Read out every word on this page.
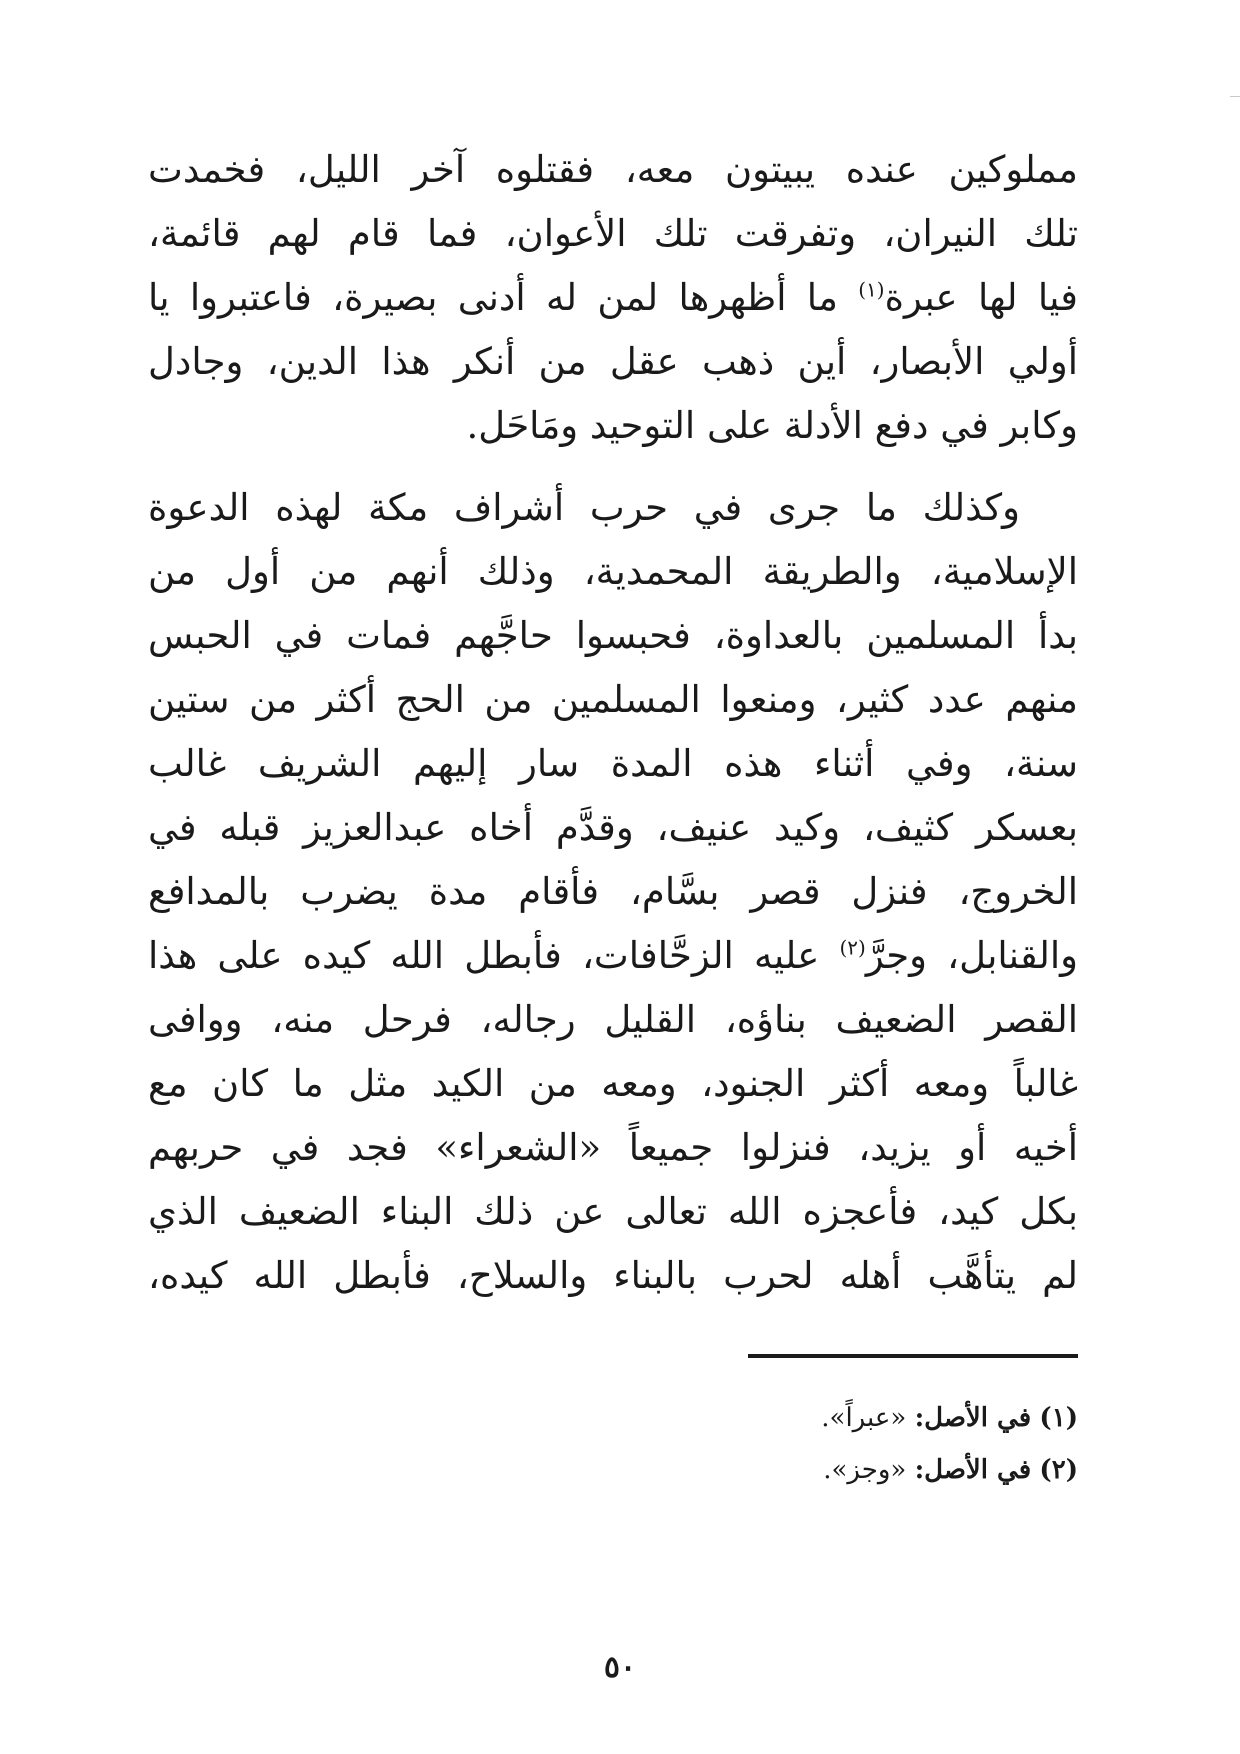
مملوكين عنده يبيتون معه، فقتلوه آخر الليل، فخمدت
تلك النيران، وتفرقت تلك الأعوان، فما قام لهم قائمة،
فيا لها عبرة$^{(١)}$ ما أظهرها لمن له أدنى بصيرة، فاعتبروا يا
أولي الأبصار، أين ذهب عقل من أنكر هذا الدين، وجادل
وكابر في دفع الأدلة على التوحيد ومَاحَل.
وكذلك ما جرى في حرب أشراف مكة لهذه الدعوة
الإسلامية، والطريقة المحمدية، وذلك أنهم من أول من
بدأ المسلمين بالعداوة، فحبسوا حاجَّهم فمات في الحبس
منهم عدد كثير، ومنعوا المسلمين من الحج أكثر من ستين
سنة، وفي أثناء هذه المدة سار إليهم الشريف غالب
بعسكر كثيف، وكيد عنيف، وقدَّم أخاه عبدالعزيز قبله في
الخروج، فنزل قصر بسَّام، فأقام مدة يضرب بالمدافع
والقنابل، وجرَّ$^{(٢)}$ عليه الزحَّافات، فأبطل الله كيده على هذا
القصر الضعيف بناؤه، القليل رجاله، فرحل منه، ووافى
غالباً ومعه أكثر الجنود، ومعه من الكيد مثل ما كان مع
أخيه أو يزيد، فنزلوا جميعاً «الشعراء» فجد في حربهم
بكل كيد، فأعجزه الله تعالى عن ذلك البناء الضعيف الذي
لم يتأهَّب أهله لحرب بالبناء والسلاح، فأبطل الله كيده،
(١) في الأصل: «عبراً».
(٢) في الأصل: «وجز».
٥٠
